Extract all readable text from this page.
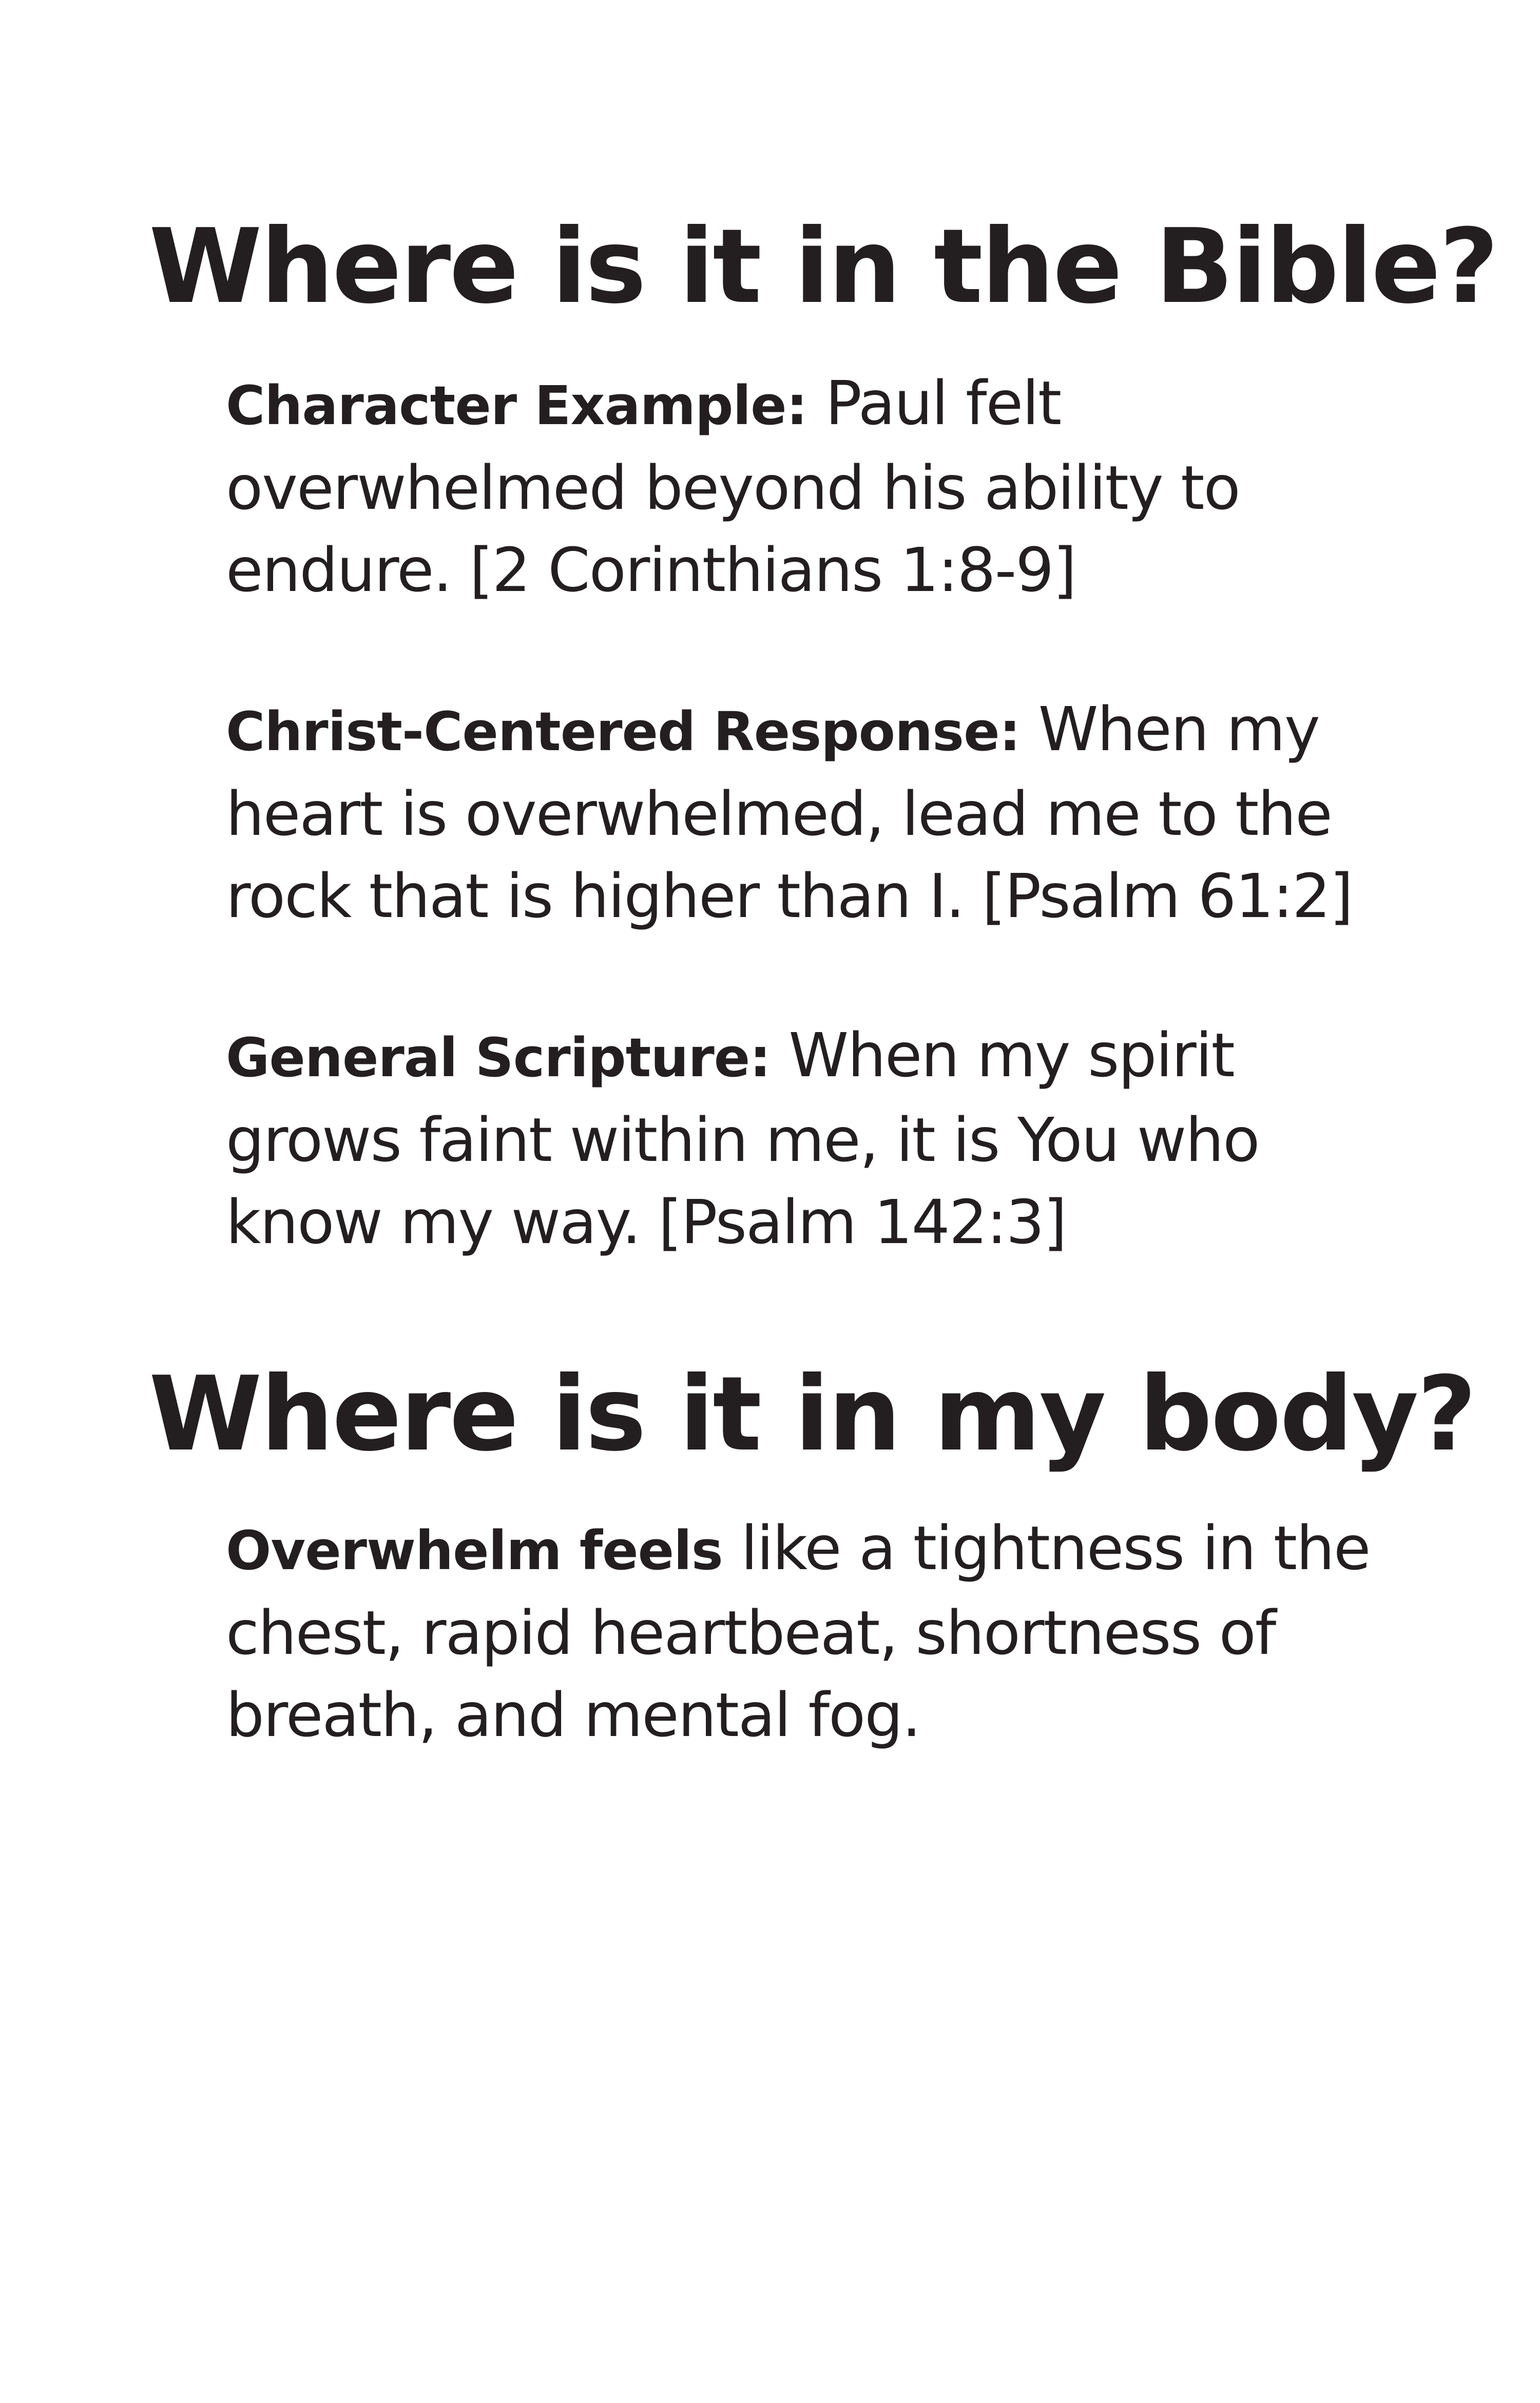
Where is it in the Bible?

Character Example: Paul felt overwhelmed beyond his ability to endure. [2 Corinthians 1:8-9]

Christ-Centered Response: When my heart is overwhelmed, lead me to the rock that is higher than I. [Psalm 61:2]

General Scripture: When my spirit grows faint within me, it is You who know my way. [Psalm 142:3]

Where is it in my body?

Overwhelm feels like a tightness in the chest, rapid heartbeat, shortness of breath, and mental fog.
